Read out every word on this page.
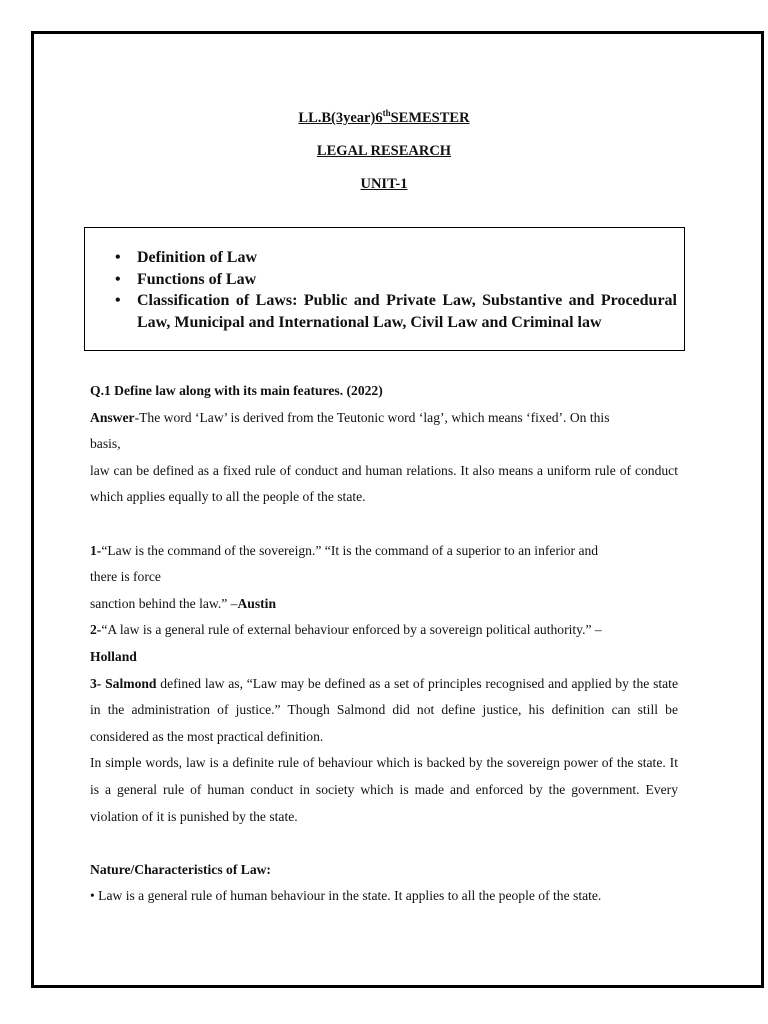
LL.B(3year)6thSEMESTER
LEGAL RESEARCH
UNIT-1
• Definition of Law
• Functions of Law
• Classification of Laws: Public and Private Law, Substantive and Procedural Law, Municipal and International Law, Civil Law and Criminal law
Q.1 Define law along with its main features. (2022)
Answer-The word ‘Law’ is derived from the Teutonic word ‘lag’, which means ‘fixed’. On this
basis,
law can be defined as a fixed rule of conduct and human relations. It also means a uniform rule of conduct which applies equally to all the people of the state.
1-“Law is the command of the sovereign.” “It is the command of a superior to an inferior and
there is force
sanction behind the law.” –Austin
2-“A law is a general rule of external behaviour enforced by a sovereign political authority.” –
Holland
3- Salmond defined law as, “Law may be defined as a set of principles recognised and applied by the state in the administration of justice.” Though Salmond did not define justice, his definition can still be considered as the most practical definition.
In simple words, law is a definite rule of behaviour which is backed by the sovereign power of the state. It is a general rule of human conduct in society which is made and enforced by the government. Every violation of it is punished by the state.
Nature/Characteristics of Law:
• Law is a general rule of human behaviour in the state. It applies to all the people of the state.
